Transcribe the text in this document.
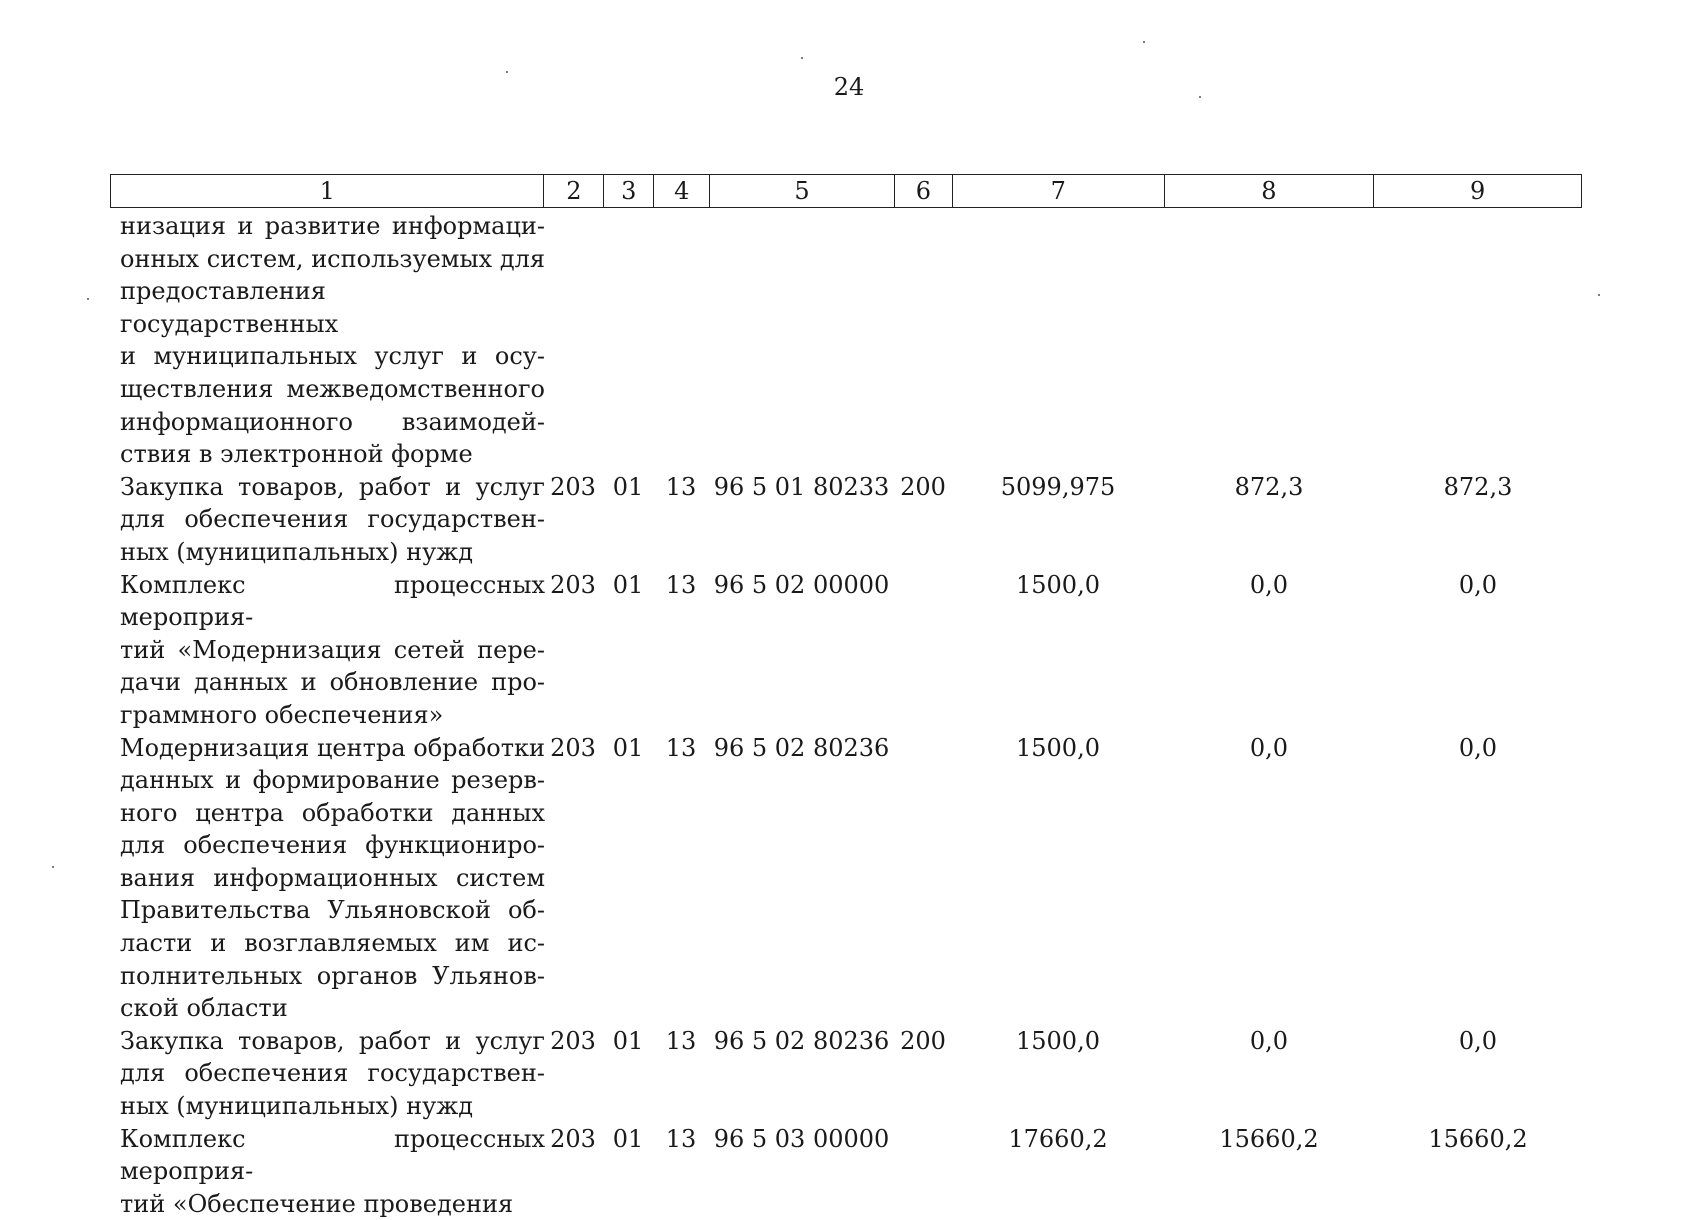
24
1	2	3	4	5	6	7	8	9
низация и развитие информаци-
онных систем, используемых для
предоставления государственных
и муниципальных услуг и осу-
ществления межведомственного
информационного взаимодей-
ствия в электронной форме
Закупка товаров, работ и услуг
для обеспечения государствен-
ных (муниципальных) нужд
203 01 13 96 5 01 80233 200	5099,975	872,3	872,3
Комплекс процессных мероприя-
тий «Модернизация сетей пере-
дачи данных и обновление про-
граммного обеспечения»
203 01 13 96 5 02 00000	1500,0	0,0	0,0
Модернизация центра обработки
данных и формирование резерв-
ного центра обработки данных
для обеспечения функциониро-
вания информационных систем
Правительства Ульяновской об-
ласти и возглавляемых им ис-
полнительных органов Ульянов-
ской области
203 01 13 96 5 02 80236	1500,0	0,0	0,0
Закупка товаров, работ и услуг
для обеспечения государствен-
ных (муниципальных) нужд
203 01 13 96 5 02 80236 200	1500,0	0,0	0,0
Комплекс процессных мероприя-
тий «Обеспечение проведения
203 01 13 96 5 03 00000	17660,2	15660,2	15660,2
